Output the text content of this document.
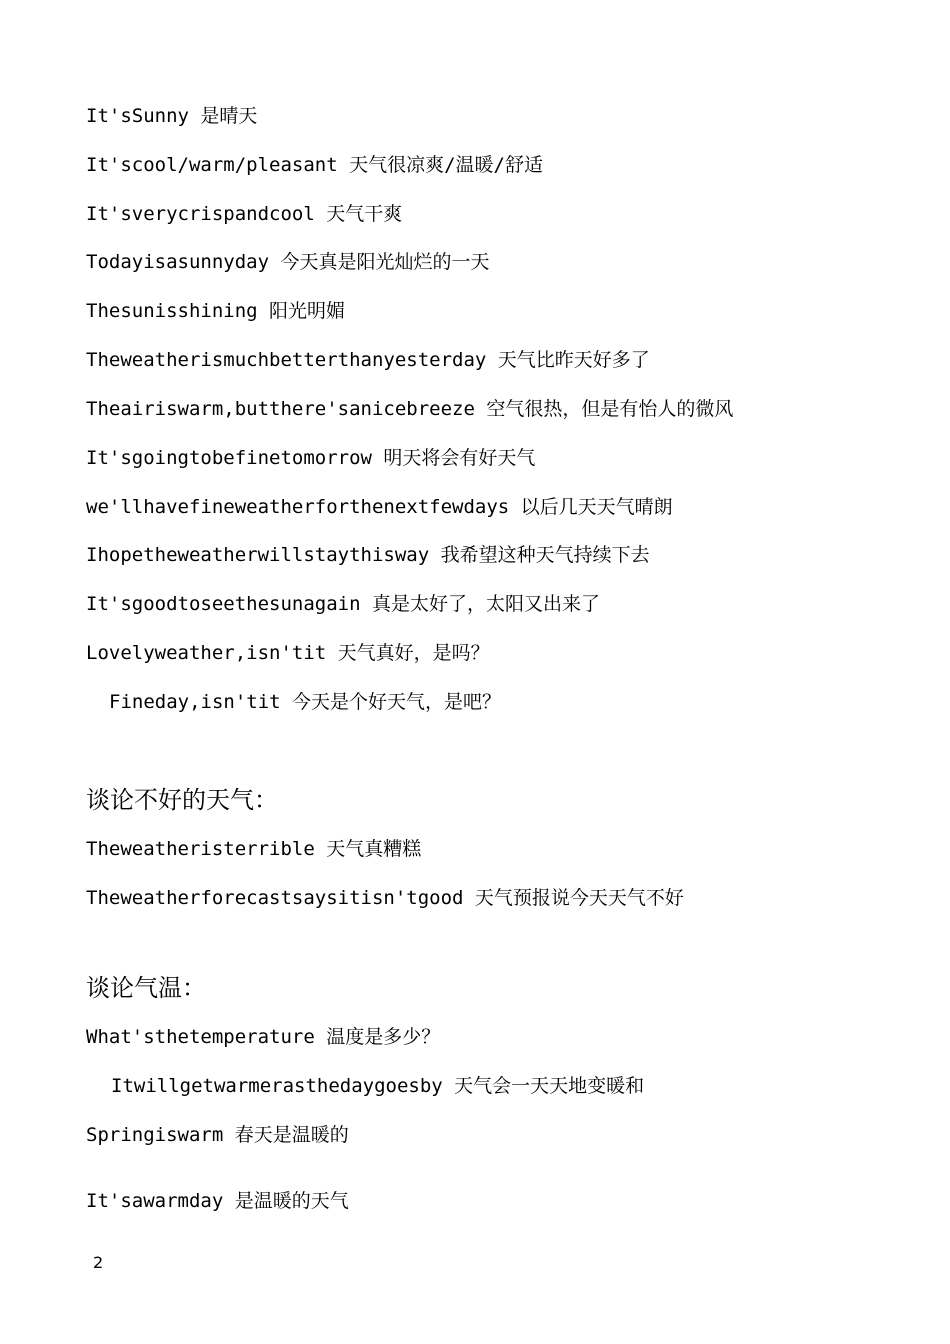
It'sSunny 是晴天
It'scool/warm/pleasant 天气很凉爽/温暖/舒适
It'sverycrispandcool 天气干爽
Todayisasunnyday 今天真是阳光灿烂的一天
Thesunisshining 阳光明媚
Theweatherismuchbetterthanyesterday 天气比昨天好多了
Theairiswarm,butthere'sanicebreeze 空气很热，但是有怡人的微风
It'sgoingtobefinetomorrow 明天将会有好天气
we'llhavefineweatherforthenextfewdays 以后几天天气晴朗
Ihopetheweatherwillstaythisway 我希望这种天气持续下去
It'sgoodtoseethesunagain 真是太好了，太阳又出来了
Lovelyweather,isn'tit 天气真好，是吗？
Fineday,isn'tit 今天是个好天气，是吧？
谈论不好的天气：
Theweatheristerrible 天气真糟糕
Theweatherforecastsaysitisn'tgood 天气预报说今天天气不好
谈论气温：
What'sthetemperature 温度是多少？
Itwillgetwarmerasthedaygoesby 天气会一天天地变暖和
Springiswarm 春天是温暖的
It'sawarmday 是温暖的天气
2
